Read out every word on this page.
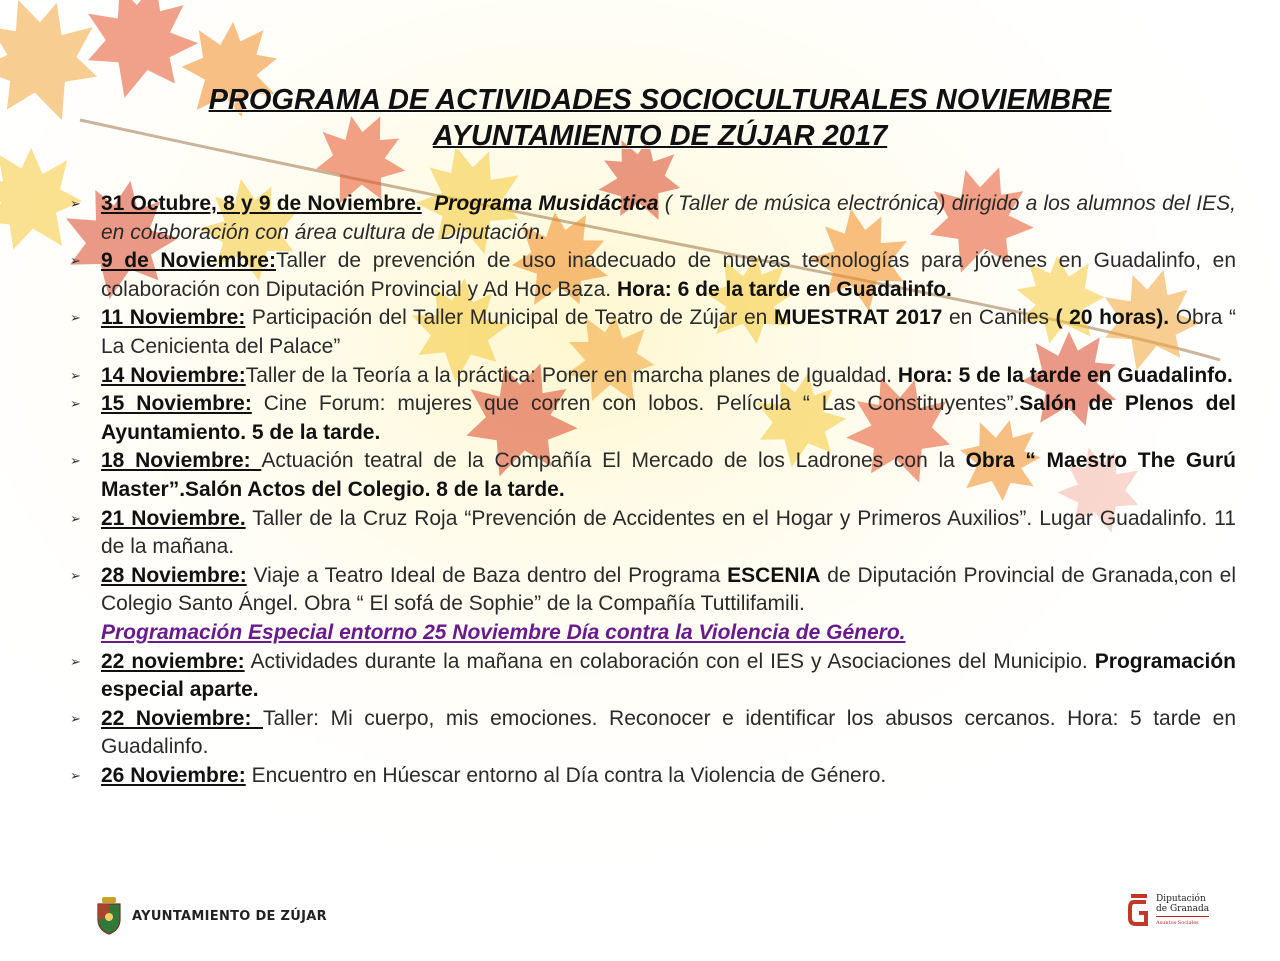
PROGRAMA DE ACTIVIDADES SOCIOCULTURALES NOVIEMBRE
AYUNTAMIENTO DE ZÚJAR 2017
➢ 31 Octubre, 8 y 9 de Noviembre. Programa Musidáctica ( Taller de música electrónica) dirigido a los alumnos del IES, en colaboración con área cultura de Diputación.
➢ 9 de Noviembre:Taller de prevención de uso inadecuado de nuevas tecnologías para jóvenes en Guadalinfo, en colaboración con Diputación Provincial y Ad Hoc Baza. Hora: 6 de la tarde en Guadalinfo.
➢ 11 Noviembre: Participación del Taller Municipal de Teatro de Zújar en MUESTRAT 2017 en Caniles ( 20 horas). Obra “ La Cenicienta del Palace”
➢ 14 Noviembre:Taller de la Teoría a la práctica: Poner en marcha planes de Igualdad. Hora: 5 de la tarde en Guadalinfo.
➢ 15 Noviembre: Cine Forum: mujeres que corren con lobos. Película “ Las Constituyentes”.Salón de Plenos del Ayuntamiento. 5 de la tarde.
➢ 18 Noviembre: Actuación teatral de la Compañía El Mercado de los Ladrones con la Obra “ Maestro The Gurú Master”.Salón Actos del Colegio. 8 de la tarde.
➢ 21 Noviembre. Taller de la Cruz Roja “Prevención de Accidentes en el Hogar y Primeros Auxilios”. Lugar Guadalinfo. 11 de la mañana.
➢ 28 Noviembre: Viaje a Teatro Ideal de Baza dentro del Programa ESCENIA de Diputación Provincial de Granada,con el Colegio Santo Ángel. Obra “ El sofá de Sophie” de la Compañía Tuttilifamili.
Programación Especial entorno 25 Noviembre Día contra la Violencia de Género.
➢ 22 noviembre: Actividades durante la mañana en colaboración con el IES y Asociaciones del Municipio. Programación especial aparte.
➢ 22 Noviembre: Taller: Mi cuerpo, mis emociones. Reconocer e identificar los abusos cercanos. Hora: 5 tarde en Guadalinfo.
➢ 26 Noviembre: Encuentro en Húescar entorno al Día contra la Violencia de Género.
AYUNTAMIENTO DE ZÚJAR
Diputación
de Granada
Asuntos Sociales
